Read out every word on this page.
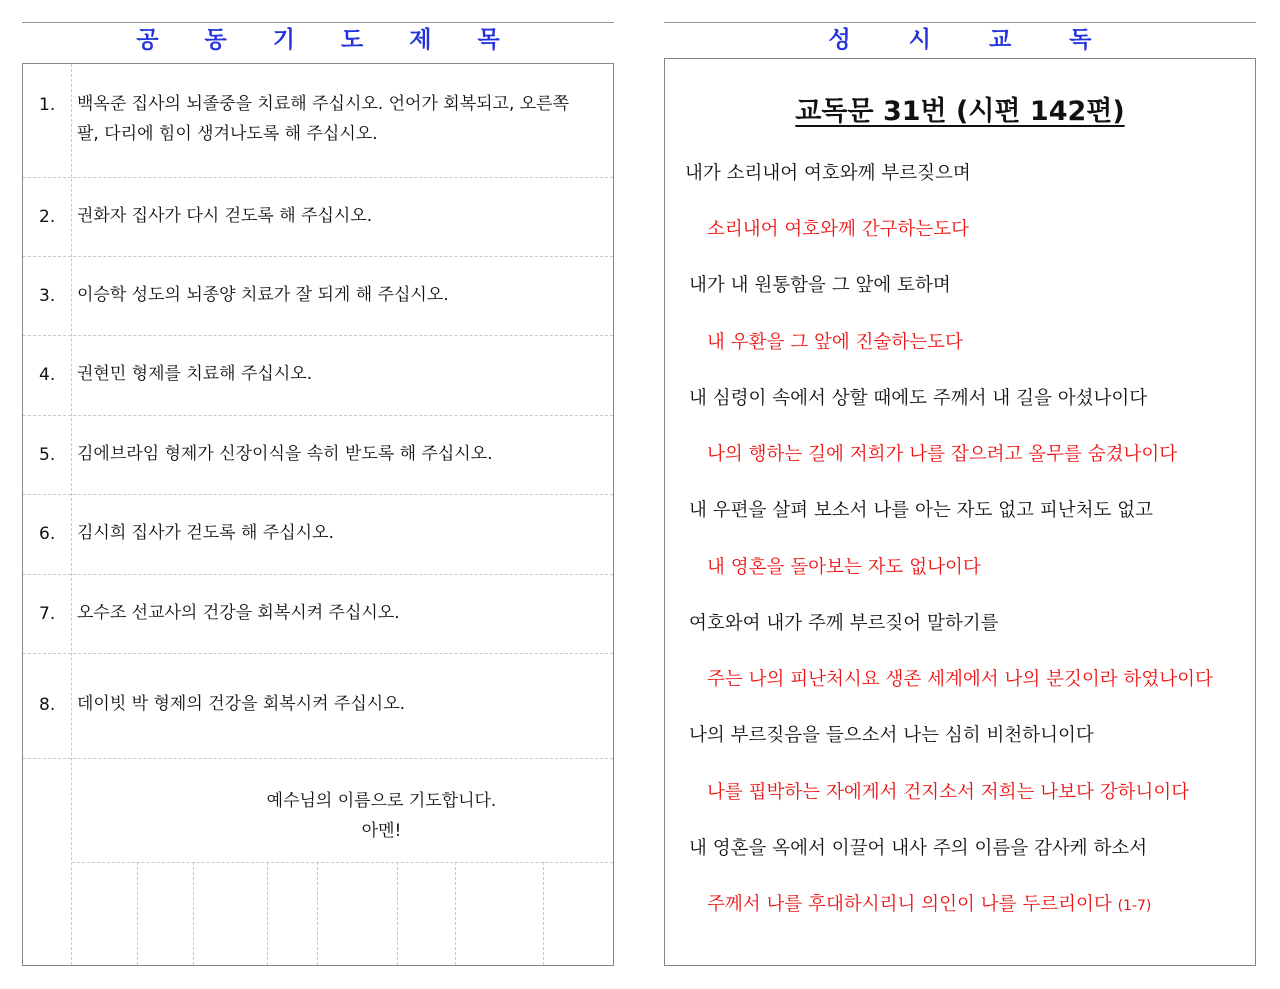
공 동 기 도 제 목	성 시 교 독
1. 백옥준 집사의 뇌졸중을 치료해 주십시오. 언어가 회복되고, 오른쪽 팔, 다리에 힘이 생겨나도록 해 주십시오.
2. 권화자 집사가 다시 걷도록 해 주십시오.
3. 이승학 성도의 뇌종양 치료가 잘 되게 해 주십시오.
4. 권현민 형제를 치료해 주십시오.
5. 김에브라임 형제가 신장이식을 속히 받도록 해 주십시오.
6. 김시희 집사가 걷도록 해 주십시오.
7. 오수조 선교사의 건강을 회복시켜 주십시오.
8. 데이빗 박 형제의 건강을 회복시켜 주십시오.
예수님의 이름으로 기도합니다.
아멘!
교독문 31번 (시편 142편)
내가 소리내어 여호와께 부르짖으며
소리내어 여호와께 간구하는도다
내가 내 원통함을 그 앞에 토하며
내 우환을 그 앞에 진술하는도다
내 심령이 속에서 상할 때에도 주께서 내 길을 아셨나이다
나의 행하는 길에 저희가 나를 잡으려고 올무를 숨겼나이다
내 우편을 살펴 보소서 나를 아는 자도 없고 피난처도 없고
내 영혼을 돌아보는 자도 없나이다
여호와여 내가 주께 부르짖어 말하기를
주는 나의 피난처시요 생존 세계에서 나의 분깃이라 하였나이다
나의 부르짖음을 들으소서 나는 심히 비천하니이다
나를 핍박하는 자에게서 건지소서 저희는 나보다 강하니이다
내 영혼을 옥에서 이끌어 내사 주의 이름을 감사케 하소서
주께서 나를 후대하시리니 의인이 나를 두르리이다 (1-7)
